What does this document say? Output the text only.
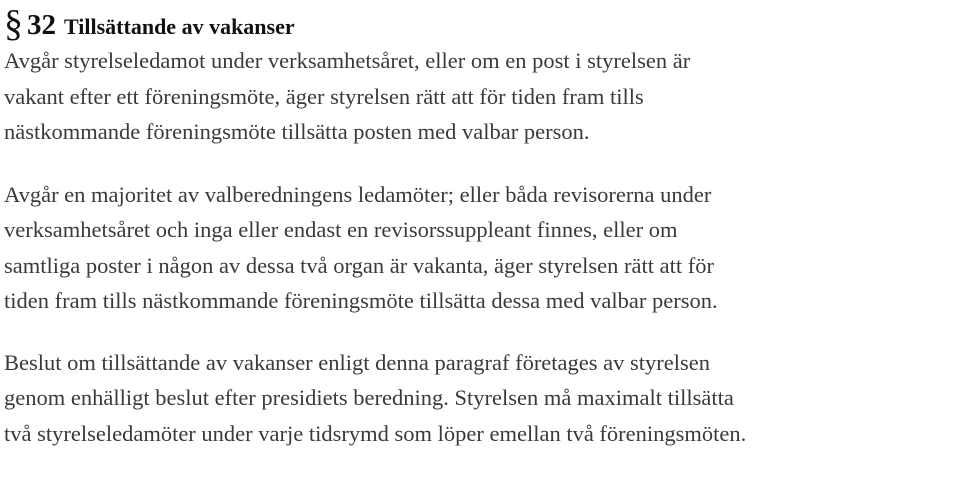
§ 32 Tillsättande av vakanser

Avgår styrelseledamot under verksamhetsåret, eller om en post i styrelsen är
vakant efter ett föreningsmöte, äger styrelsen rätt att för tiden fram tills
nästkommande föreningsmöte tillsätta posten med valbar person.

Avgår en majoritet av valberedningens ledamöter; eller båda revisorerna under
verksamhetsåret och inga eller endast en revisorssuppleant finnes, eller om
samtliga poster i någon av dessa två organ är vakanta, äger styrelsen rätt att för
tiden fram tills nästkommande föreningsmöte tillsätta dessa med valbar person.

Beslut om tillsättande av vakanser enligt denna paragraf företages av styrelsen
genom enhälligt beslut efter presidiets beredning. Styrelsen må maximalt tillsätta
två styrelseledamöter under varje tidsrymd som löper emellan två föreningsmöten.
